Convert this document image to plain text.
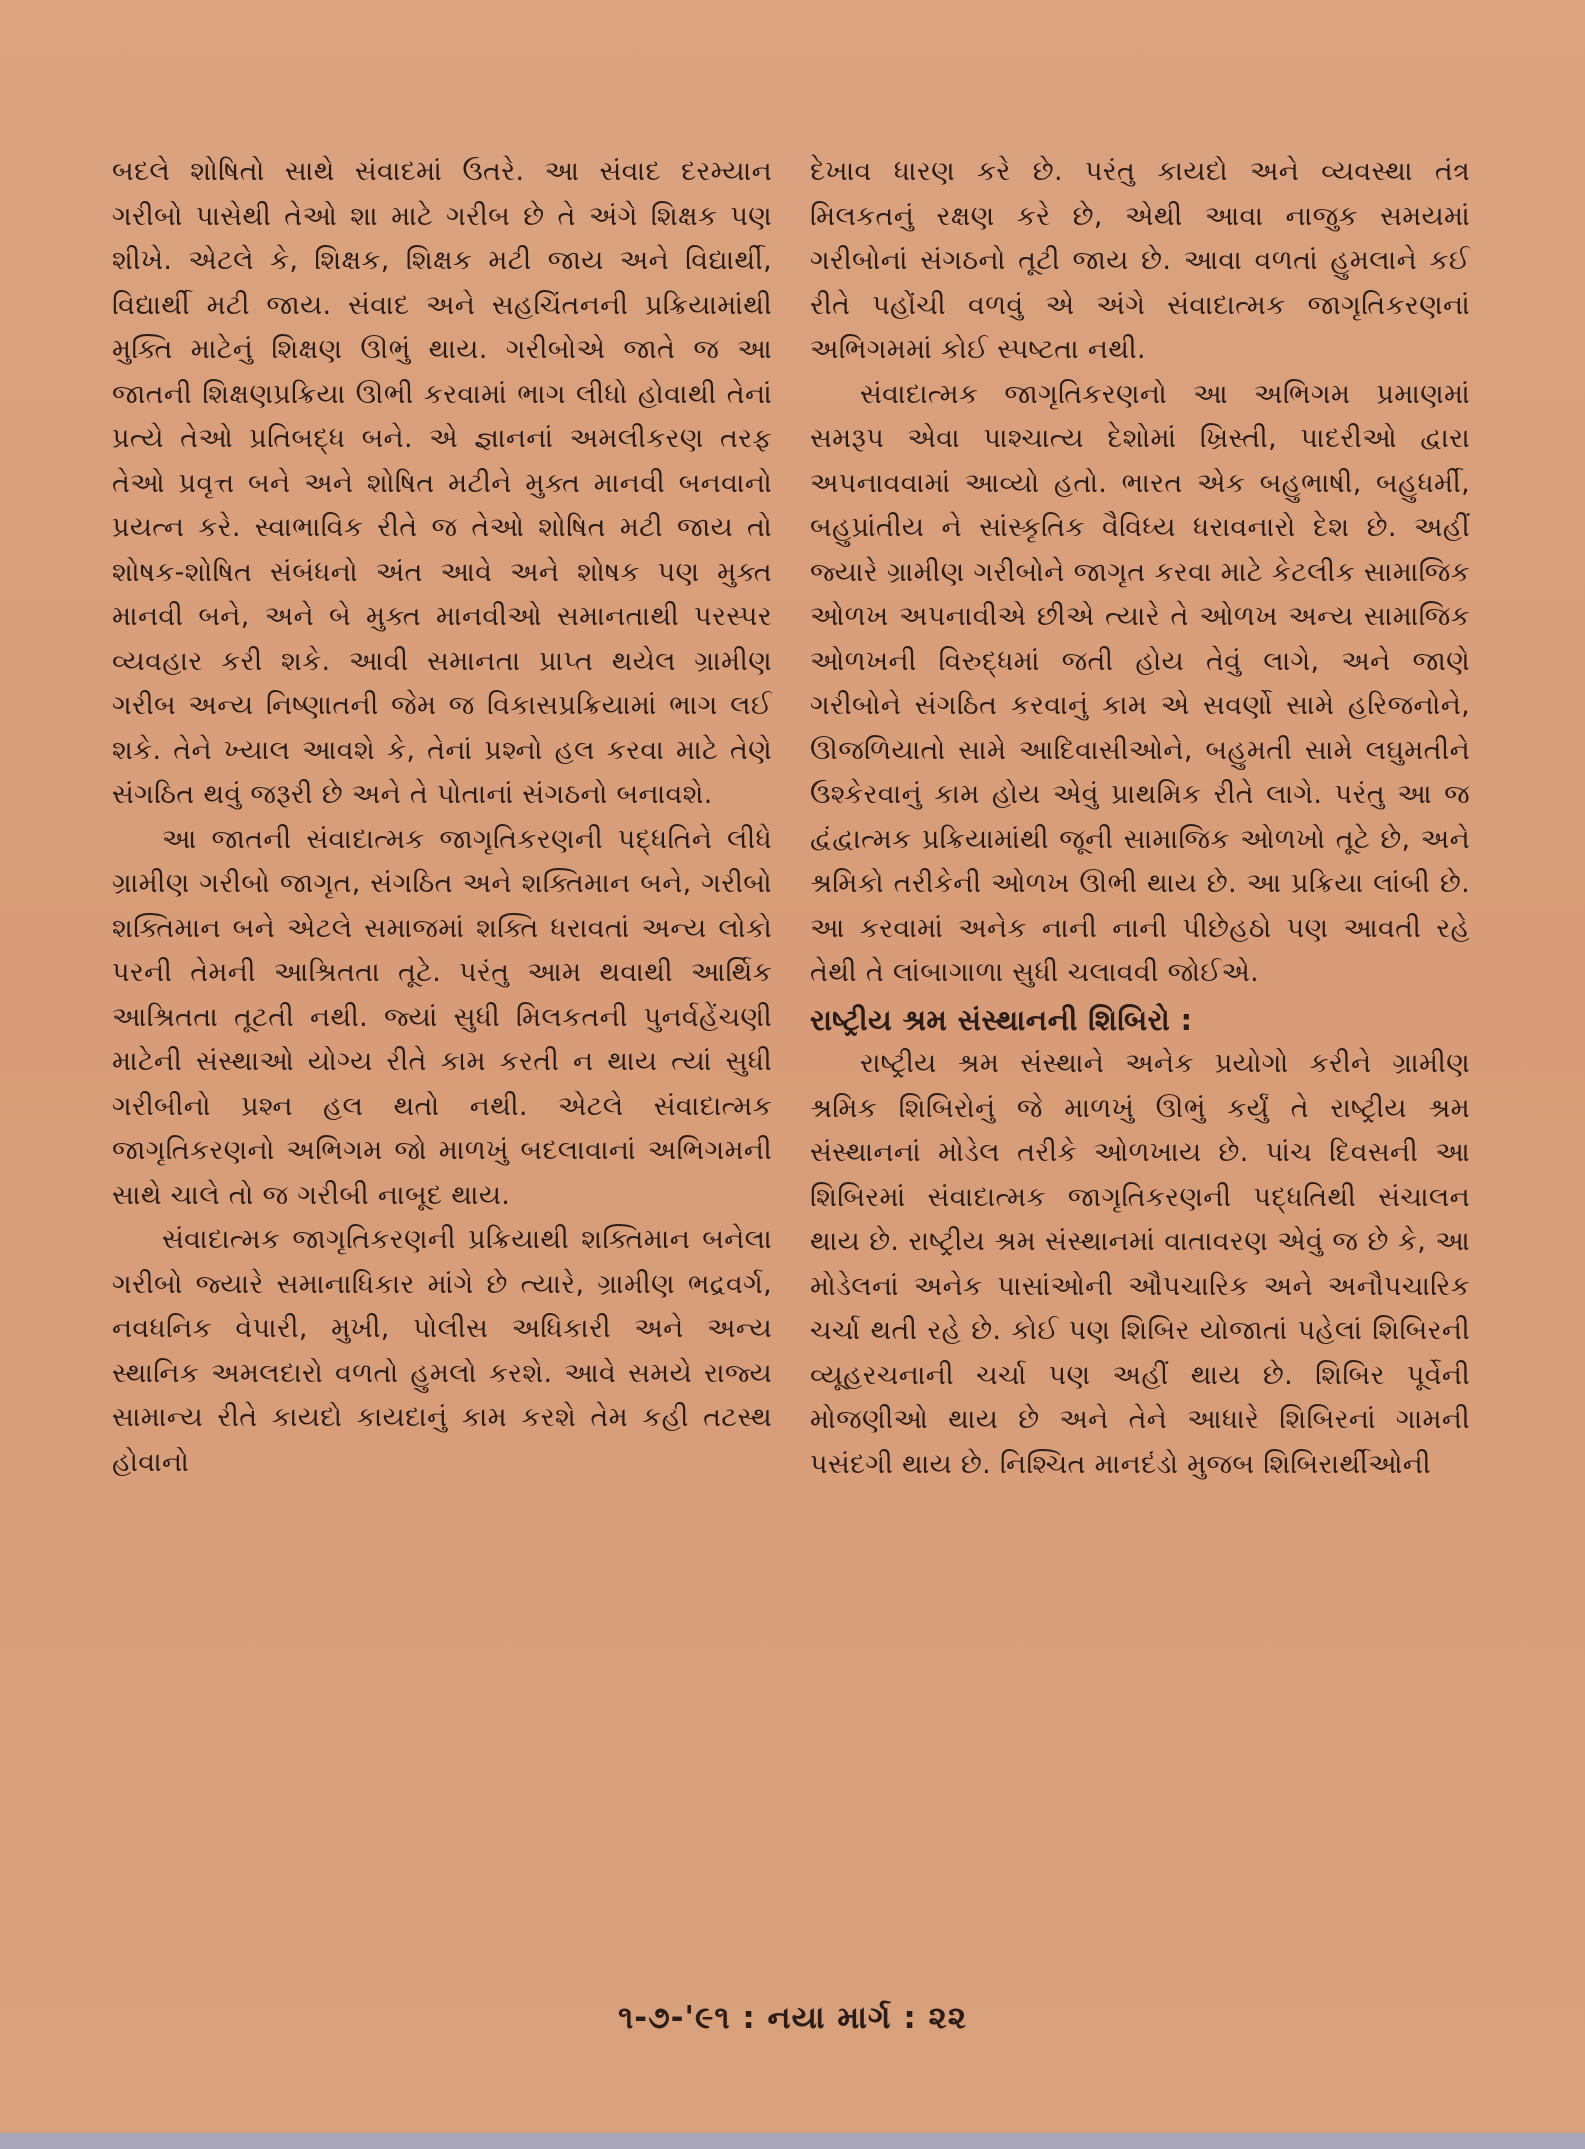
બદલે શોષિતો સાથે સંવાદમાં ઉતરે. આ સંવાદ દરમ્યાન ગરીબો પાસેથી તેઓ શા માટે ગરીબ છે તે અંગે શિક્ષક પણ શીખે. એટલે કે, શિક્ષક, શિક્ષક મટી જાય અને વિદ્યાર્થી, વિદ્યાર્થી મટી જાય. સંવાદ અને સહચિંતનની પ્રક્રિયામાંથી મુક્તિ માટેનું શિક્ષણ ઊભું થાય. ગરીબોએ જાતે જ આ જાતની શિક્ષણપ્રક્રિયા ઊભી કરવામાં ભાગ લીધો હોવાથી તેનાં પ્રત્યે તેઓ પ્રતિબદ્ધ બને. એ જ્ઞાનનાં અમલીકરણ તરફ તેઓ પ્રવૃત્ત બને અને શોષિત મટીને મુક્ત માનવી બનવાનો પ્રયત્ન કરે. સ્વાભાવિક રીતે જ તેઓ શોષિત મટી જાય તો શોષક-શોષિત સંબંધનો અંત આવે અને શોષક પણ મુક્ત માનવી બને, અને બે મુક્ત માનવીઓ સમાનતાથી પરસ્પર વ્યવહાર કરી શકે. આવી સમાનતા પ્રાપ્ત થયેલ ગ્રામીણ ગરીબ અન્ય નિષ્ણાતની જેમ જ વિકાસપ્રક્રિયામાં ભાગ લઈ શકે. તેને ખ્યાલ આવશે કે, તેનાં પ્રશ્નો હલ કરવા માટે તેણે સંગઠિત થવું જરૂરી છે અને તે પોતાનાં સંગઠનો બનાવશે.

આ જાતની સંવાદાત્મક જાગૃતિકરણની પદ્ધતિને લીધે ગ્રામીણ ગરીબો જાગૃત, સંગઠિત અને શક્તિમાન બને, ગરીબો શક્તિમાન બને એટલે સમાજમાં શક્તિ ધરાવતાં અન્ય લોકો પરની તેમની આશ્રિતતા તૂટે. પરંતુ આમ થવાથી આર્થિક આશ્રિતતા તૂટતી નથી. જ્યાં સુધી મિલકતની પુનર્વહેંચણી માટેની સંસ્થાઓ યોગ્ય રીતે કામ કરતી ન થાય ત્યાં સુધી ગરીબીનો પ્રશ્ન હલ થતો નથી. એટલે સંવાદાત્મક જાગૃતિકરણનો અભિગમ જો માળખું બદલાવાનાં અભિગમની સાથે ચાલે તો જ ગરીબી નાબૂદ થાય.

સંવાદાત્મક જાગૃતિકરણની પ્રક્રિયાથી શક્તિમાન બનેલા ગરીબો જ્યારે સમાનાધિકાર માંગે છે ત્યારે, ગ્રામીણ ભદ્રવર્ગ, નવધનિક વેપારી, મુખી, પોલીસ અધિકારી અને અન્ય સ્થાનિક અમલદારો વળતો હુમલો કરશે. આવે સમયે રાજ્ય સામાન્ય રીતે કાયદો કાયદાનું કામ કરશે તેમ કહી તટસ્થ હોવાનો

દેખાવ ધારણ કરે છે. પરંતુ કાયદો અને વ્યવસ્થા તંત્ર મિલકતનું રક્ષણ કરે છે, એથી આવા નાજુક સમયમાં ગરીબોનાં સંગઠનો તૂટી જાય છે. આવા વળતાં હુમલાને કઈ રીતે પહોંચી વળવું એ અંગે સંવાદાત્મક જાગૃતિકરણનાં અભિગમમાં કોઈ સ્પષ્ટતા નથી.

સંવાદાત્મક જાગૃતિકરણનો આ અભિગમ પ્રમાણમાં સમરૂપ એવા પાશ્ચાત્ય દેશોમાં ખ્રિસ્તી, પાદરીઓ દ્વારા અપનાવવામાં આવ્યો હતો. ભારત એક બહુભાષી, બહુધર્મી, બહુપ્રાંતીય ને સાંસ્કૃતિક વૈવિધ્ય ધરાવનારો દેશ છે. અહીં જ્યારે ગ્રામીણ ગરીબોને જાગૃત કરવા માટે કેટલીક સામાજિક ઓળખ અપનાવીએ છીએ ત્યારે તે ઓળખ અન્ય સામાજિક ઓળખની વિરુદ્ધમાં જતી હોય તેવું લાગે, અને જાણે ગરીબોને સંગઠિત કરવાનું કામ એ સવર્ણો સામે હરિજનોને, ઊજળિયાતો સામે આદિવાસીઓને, બહુમતી સામે લઘુમતીને ઉશ્કેરવાનું કામ હોય એવું પ્રાથમિક રીતે લાગે. પરંતુ આ જ દ્વંદ્વાત્મક પ્રક્રિયામાંથી જૂની સામાજિક ઓળખો તૂટે છે, અને શ્રમિકો તરીકેની ઓળખ ઊભી થાય છે. આ પ્રક્રિયા લાંબી છે. આ કરવામાં અનેક નાની નાની પીછેહઠો પણ આવતી રહે તેથી તે લાંબાગાળા સુધી ચલાવવી જોઈએ.

રાષ્ટ્રીય શ્રમ સંસ્થાનની શિબિરો :

રાષ્ટ્રીય શ્રમ સંસ્થાને અનેક પ્રયોગો કરીને ગ્રામીણ શ્રમિક શિબિરોનું જે માળખું ઊભું કર્યું તે રાષ્ટ્રીય શ્રમ સંસ્થાનનાં મોડેલ તરીકે ઓળખાય છે. પાંચ દિવસની આ શિબિરમાં સંવાદાત્મક જાગૃતિકરણની પદ્ધતિથી સંચાલન થાય છે. રાષ્ટ્રીય શ્રમ સંસ્થાનમાં વાતાવરણ એવું જ છે કે, આ મોડેલનાં અનેક પાસાંઓની ઔપચારિક અને અનૌપચારિક ચર્ચા થતી રહે છે. કોઈ પણ શિબિર યોજાતાં પહેલાં શિબિરની વ્યૂહરચનાની ચર્ચા પણ અહીં થાય છે. શિબિર પૂર્વેની મોજણીઓ થાય છે અને તેને આધારે શિબિરનાં ગામની પસંદગી થાય છે. નિશ્ચિત માનદંડો મુજબ શિબિરાર્થીઓની

૧-૭-'૯૧ : નયા માર્ગ : ૨૨
